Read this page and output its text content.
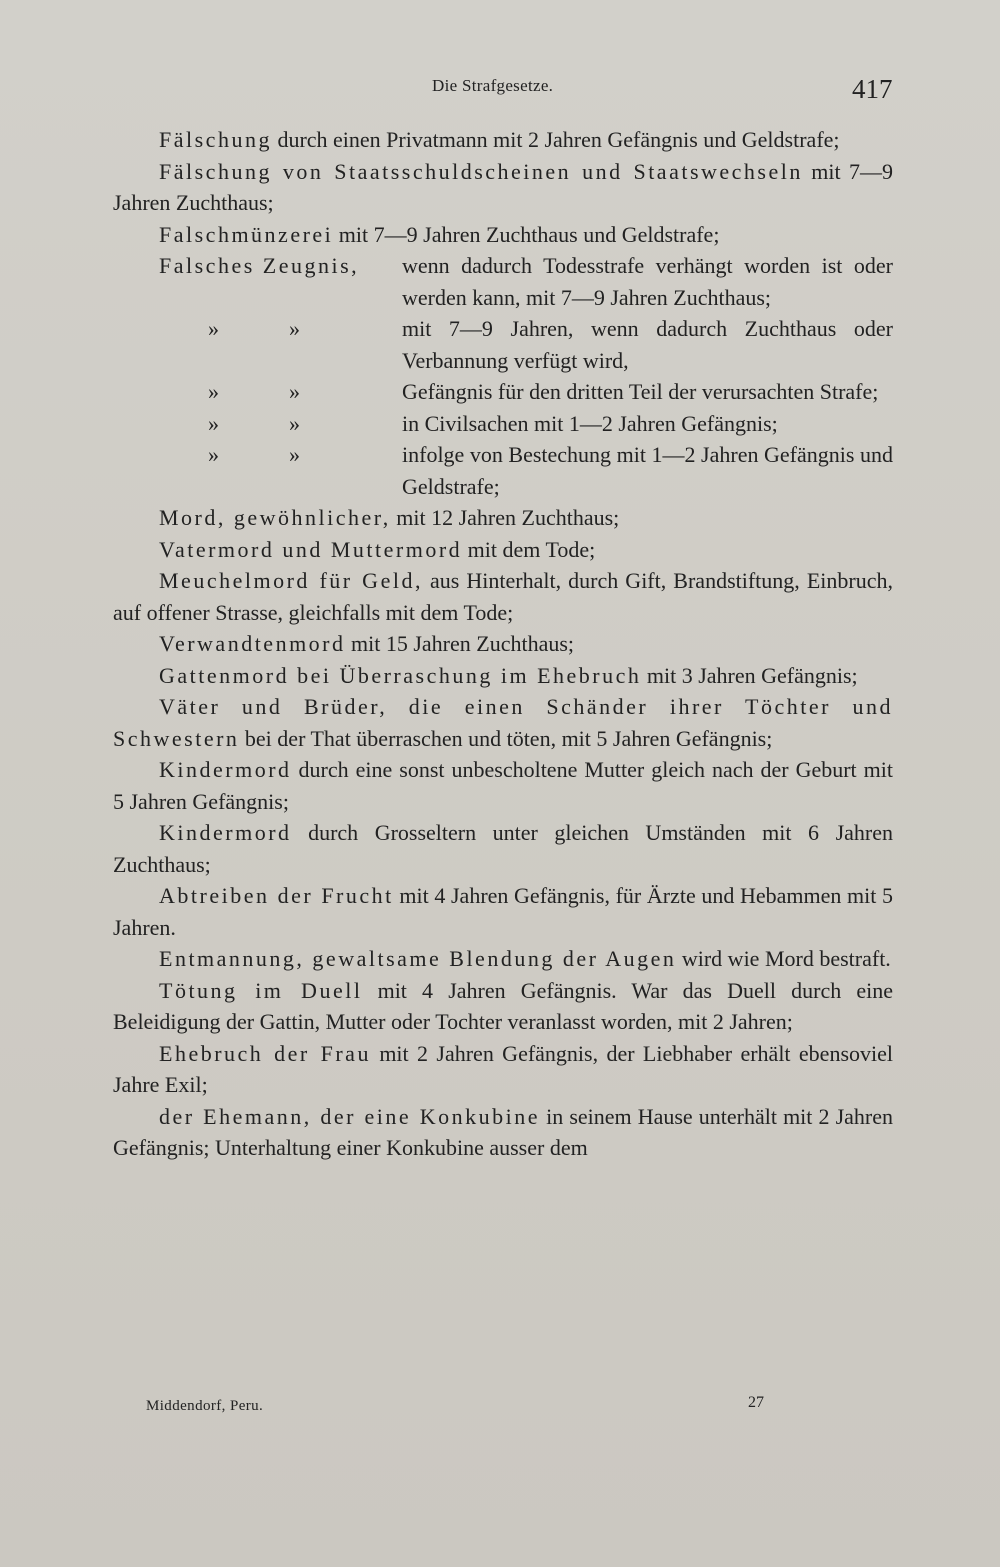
Die Strafgesetze.	417

Fälschung durch einen Privatmann mit 2 Jahren Gefängnis und Geldstrafe;

Fälschung von Staatsschuldscheinen und Staatswechseln mit 7—9 Jahren Zuchthaus;

Falschmünzerei mit 7—9 Jahren Zuchthaus und Geldstrafe;

Falsches Zeugnis,	wenn dadurch Todesstrafe verhängt worden ist oder werden kann, mit 7—9 Jahren Zuchthaus;
»	»	mit 7—9 Jahren, wenn dadurch Zuchthaus oder Verbannung verfügt wird,
»	»	Gefängnis für den dritten Teil der verursachten Strafe;
»	»	in Civilsachen mit 1—2 Jahren Gefängnis;
»	»	infolge von Bestechung mit 1—2 Jahren Gefängnis und Geldstrafe;

Mord, gewöhnlicher, mit 12 Jahren Zuchthaus;

Vatermord und Muttermord mit dem Tode;

Meuchelmord für Geld, aus Hinterhalt, durch Gift, Brandstiftung, Einbruch, auf offener Strasse, gleichfalls mit dem Tode;

Verwandtenmord mit 15 Jahren Zuchthaus;

Gattenmord bei Überraschung im Ehebruch mit 3 Jahren Gefängnis;

Väter und Brüder, die einen Schänder ihrer Töchter und Schwestern bei der That überraschen und töten, mit 5 Jahren Gefängnis;

Kindermord durch eine sonst unbescholtene Mutter gleich nach der Geburt mit 5 Jahren Gefängnis;

Kindermord durch Grosseltern unter gleichen Umständen mit 6 Jahren Zuchthaus;

Abtreiben der Frucht mit 4 Jahren Gefängnis, für Ärzte und Hebammen mit 5 Jahren.

Entmannung, gewaltsame Blendung der Augen wird wie Mord bestraft.

Tötung im Duell mit 4 Jahren Gefängnis. War das Duell durch eine Beleidigung der Gattin, Mutter oder Tochter veranlasst worden, mit 2 Jahren;

Ehebruch der Frau mit 2 Jahren Gefängnis, der Liebhaber erhält ebensoviel Jahre Exil;

der Ehemann, der eine Konkubine in seinem Hause unterhält mit 2 Jahren Gefängnis; Unterhaltung einer Konkubine ausser dem

Middendorf, Peru.	27
